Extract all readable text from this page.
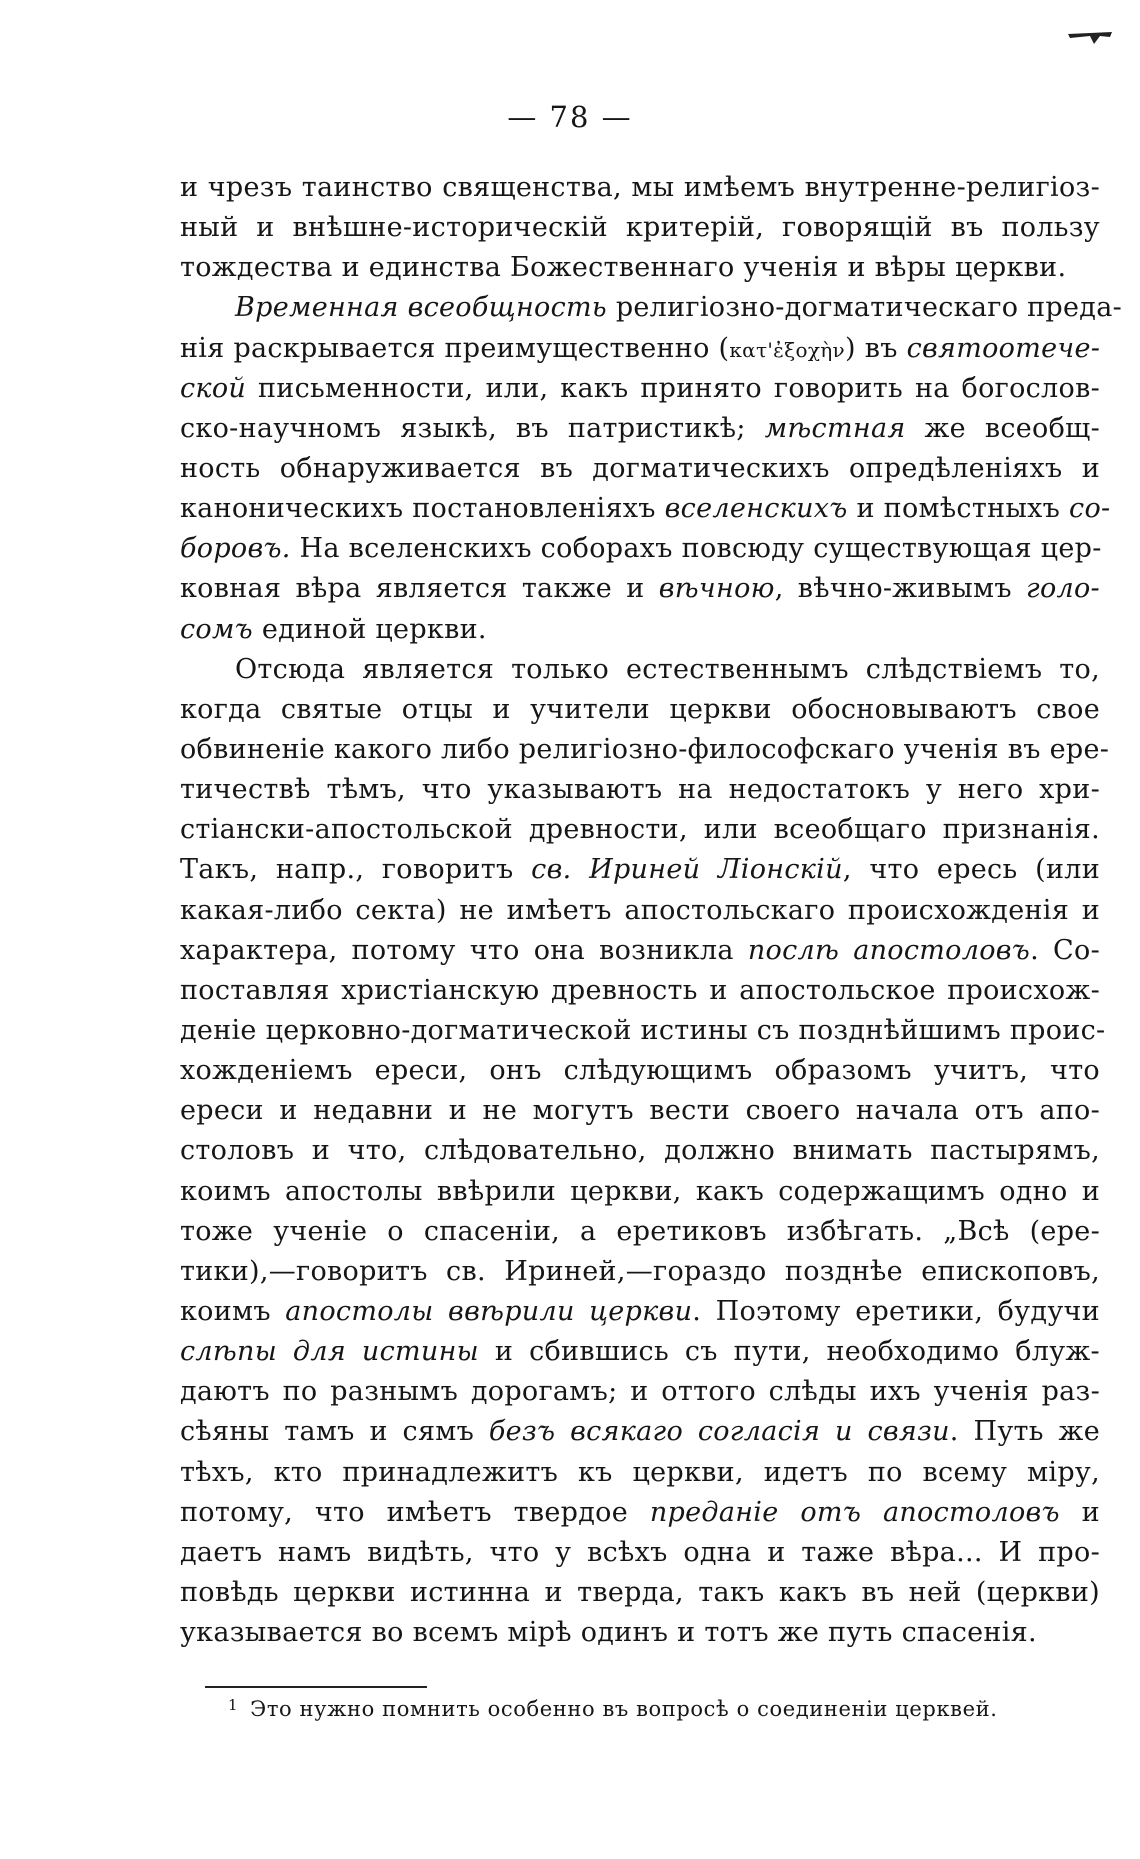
— 78 —
и чрезъ таинство священства, мы имѣемъ внутренне-религіоз-
ный и внѣшне-историческій критерій, говорящій въ пользу
тождества и единства Божественнаго ученія и вѣры церкви.
Временная всеобщность религіозно-догматическаго преда-
нія раскрывается преимущественно (κατ'ἐξοχὴν) въ святоотече-
ской письменности, или, какъ принято говорить на богослов-
ско-научномъ языкѣ, въ патристикѣ; мѣстная же всеобщ-
ность обнаруживается въ догматическихъ опредѣленіяхъ и
каноническихъ постановленіяхъ вселенскихъ и помѣстныхъ со-
боровъ. На вселенскихъ соборахъ повсюду существующая цер-
ковная вѣра является также и вѣчною, вѣчно-живымъ голо-
сомъ единой церкви.
Отсюда является только естественнымъ слѣдствіемъ то,
когда святые отцы и учители церкви обосновываютъ свое
обвиненіе какого либо религіозно-философскаго ученія въ ере-
тичествѣ тѣмъ, что указываютъ на недостатокъ у него хри-
стіански-апостольской древности, или всеобщаго признанія.
Такъ, напр., говоритъ св. Ириней Ліонскій, что ересь (или
какая-либо секта) не имѣетъ апостольскаго происхожденія и
характера, потому что она возникла послѣ апостоловъ. Со-
поставляя христіанскую древность и апостольское происхож-
деніе церковно-догматической истины съ позднѣйшимъ проис-
хожденіемъ ереси, онъ слѣдующимъ образомъ учитъ, что
ереси и недавни и не могутъ вести своего начала отъ апо-
столовъ и что, слѣдовательно, должно внимать пастырямъ,
коимъ апостолы ввѣрили церкви, какъ содержащимъ одно и
тоже ученіе о спасеніи, а еретиковъ избѣгать. „Всѣ (ере-
тики),—говоритъ св. Ириней,—гораздо позднѣе епископовъ,
коимъ апостолы ввѣрили церкви. Поэтому еретики, будучи
слѣпы для истины и сбившись съ пути, необходимо блуж-
даютъ по разнымъ дорогамъ; и оттого слѣды ихъ ученія раз-
сѣяны тамъ и сямъ безъ всякаго согласія и связи. Путь же
тѣхъ, кто принадлежитъ къ церкви, идетъ по всему міру,
потому, что имѣетъ твердое преданіе отъ апостоловъ и
даетъ намъ видѣть, что у всѣхъ одна и таже вѣра... И про-
повѣдь церкви истинна и тверда, такъ какъ въ ней (церкви)
указывается во всемъ мірѣ одинъ и тотъ же путь спасенія.
$^1$ Это нужно помнить особенно въ вопросѣ о соединеніи церквей.
